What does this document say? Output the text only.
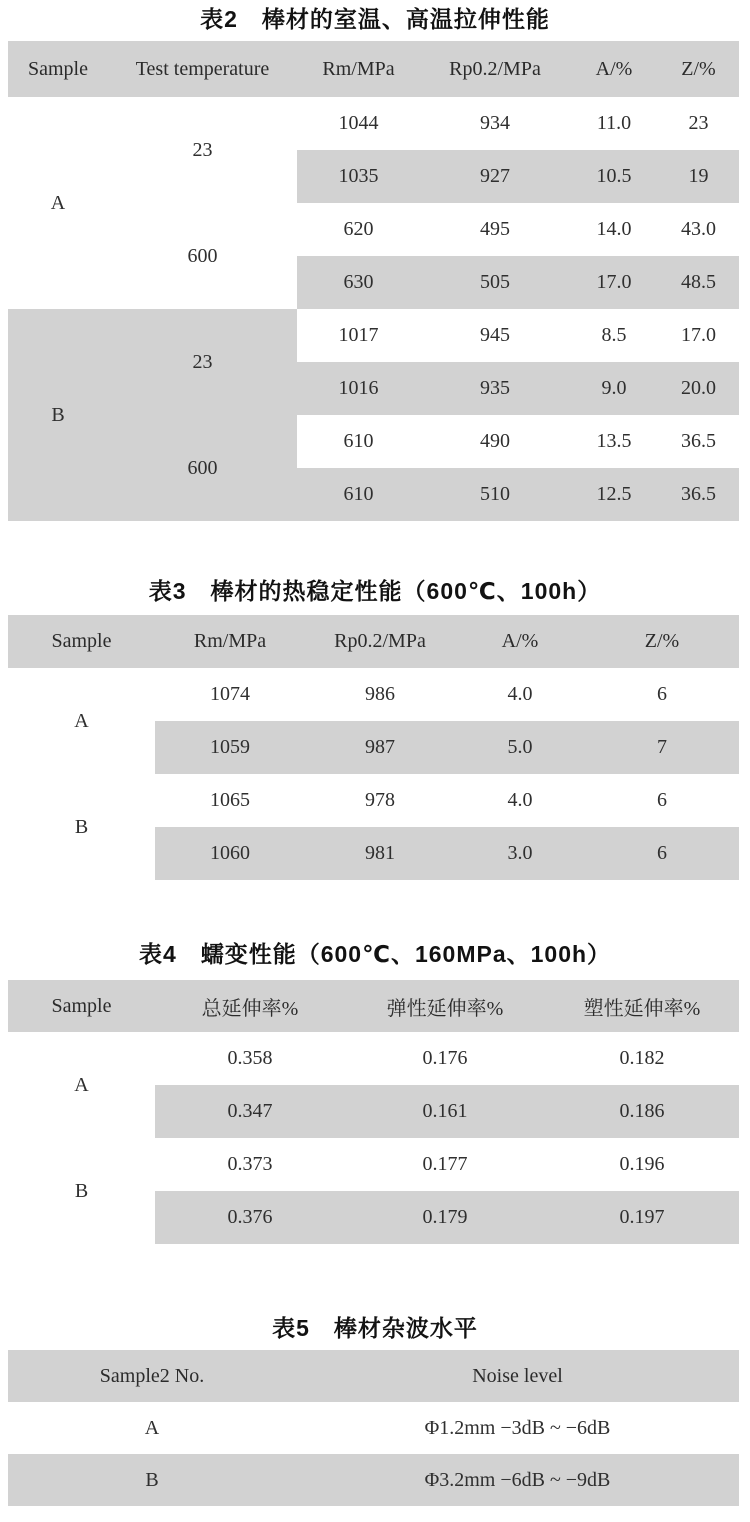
表2　棒材的室温、高温拉伸性能
Sample	Test temperature	Rm/MPa	Rp0.2/MPa	A/%	Z/%
A	23	1044	934	11.0	23
		1035	927	10.5	19
	600	620	495	14.0	43.0
		630	505	17.0	48.5
B	23	1017	945	8.5	17.0
		1016	935	9.0	20.0
	600	610	490	13.5	36.5
		610	510	12.5	36.5
表3　棒材的热稳定性能（600℃、100h）
Sample	Rm/MPa	Rp0.2/MPa	A/%	Z/%
A	1074	986	4.0	6
	1059	987	5.0	7
B	1065	978	4.0	6
	1060	981	3.0	6
表4　蠕变性能（600℃、160MPa、100h）
Sample	总延伸率%	弹性延伸率%	塑性延伸率%
A	0.358	0.176	0.182
	0.347	0.161	0.186
B	0.373	0.177	0.196
	0.376	0.179	0.197
表5　棒材杂波水平
Sample2 No.	Noise level
A	Φ1.2mm −3dB ~ −6dB
B	Φ3.2mm −6dB ~ −9dB
